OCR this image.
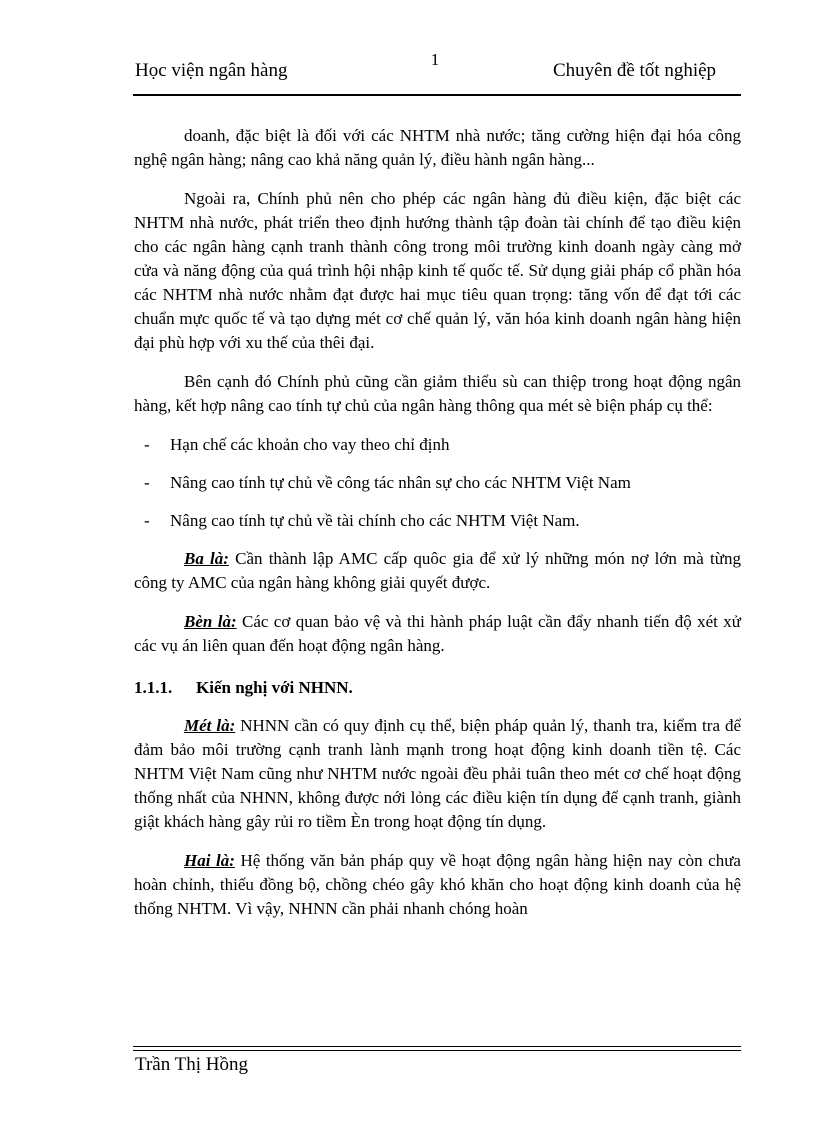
1
Học viện ngân hàng	Chuyên đề tốt nghiệp

doanh, đặc biệt là đối với các NHTM nhà nước; tăng cường hiện đại hóa công nghệ ngân hàng; nâng cao khả năng quản lý, điều hành ngân hàng...

Ngoài ra, Chính phủ nên cho phép các ngân hàng đủ điều kiện, đặc biệt các NHTM nhà nước, phát triển theo định hướng thành tập đoàn tài chính để tạo điều kiện cho các ngân hàng cạnh tranh thành công trong môi trường kinh doanh ngày càng mở cửa và năng động của quá trình hội nhập kinh tế quốc tế. Sử dụng giải pháp cổ phần hóa các NHTM nhà nước nhằm đạt được hai mục tiêu quan trọng: tăng vốn để đạt tới các chuẩn mực quốc tế và tạo dựng mét cơ chế quản lý, văn hóa kinh doanh ngân hàng hiện đại phù hợp với xu thế của thêi đại.

Bên cạnh đó Chính phủ cũng cần giảm thiểu sù can thiệp trong hoạt động ngân hàng, kết hợp nâng cao tính tự chủ của ngân hàng thông qua mét sè biện pháp cụ thể:

- Hạn chế các khoản cho vay theo chỉ định
- Nâng cao tính tự chủ về công tác nhân sự cho các NHTM Việt Nam
- Nâng cao tính tự chủ về tài chính cho các NHTM Việt Nam.

Ba là: Cần thành lập AMC cấp quôc gia để xử lý những món nợ lớn mà từng công ty AMC của ngân hàng không giải quyết được.

Bèn là: Các cơ quan bảo vệ và thi hành pháp luật cần đẩy nhanh tiến độ xét xử các vụ án liên quan đến hoạt động ngân hàng.

1.1.1. Kiến nghị với NHNN.

Mét là: NHNN cần có quy định cụ thể, biện pháp quản lý, thanh tra, kiểm tra để đảm bảo môi trường cạnh tranh lành mạnh trong hoạt động kinh doanh tiền tệ. Các NHTM Việt Nam cũng như NHTM nước ngoài đều phải tuân theo mét cơ chế hoạt động thống nhất của NHNN, không được nới lỏng các điều kiện tín dụng để cạnh tranh, giành giật khách hàng gây rủi ro tiềm Èn trong hoạt động tín dụng.

Hai là: Hệ thống văn bản pháp quy về hoạt động ngân hàng hiện nay còn chưa hoàn chỉnh, thiếu đồng bộ, chồng chéo gây khó khăn cho hoạt động kinh doanh của hệ thống NHTM. Vì vậy, NHNN cần phải nhanh chóng hoàn

Trần Thị Hồng
